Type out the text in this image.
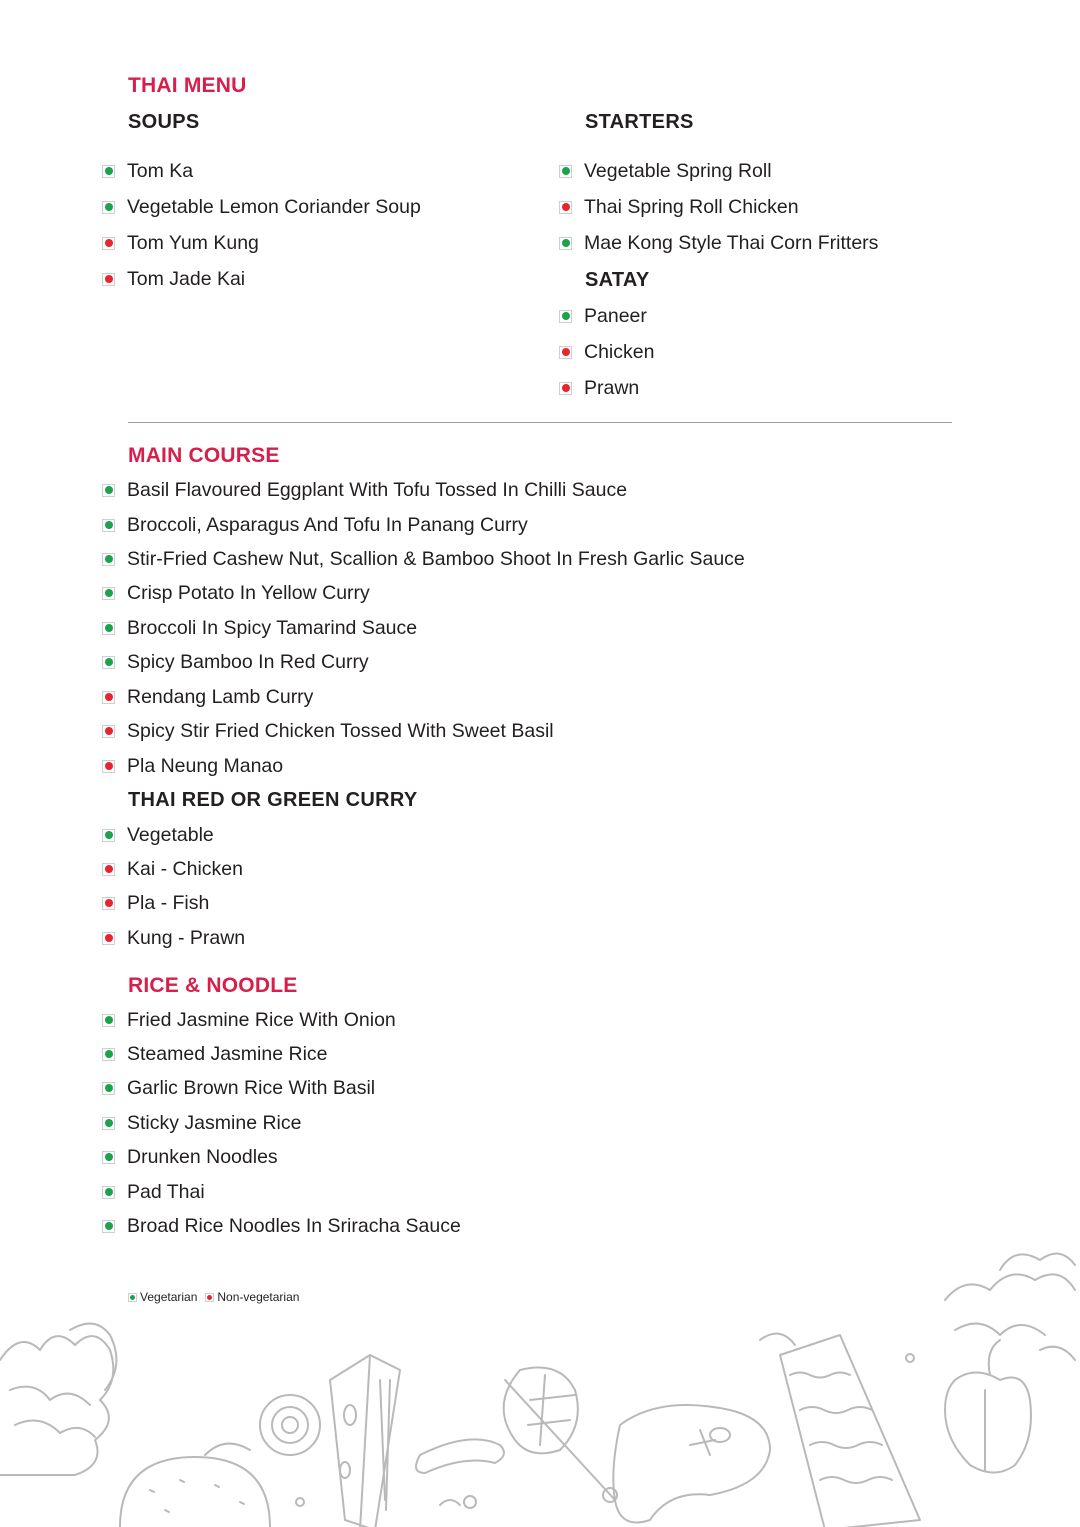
THAI MENU
SOUPS
Tom Ka
Vegetable Lemon Coriander Soup
Tom Yum Kung
Tom Jade Kai
STARTERS
Vegetable Spring Roll
Thai Spring Roll Chicken
Mae Kong Style Thai Corn Fritters
SATAY
Paneer
Chicken
Prawn
MAIN COURSE
Basil Flavoured Eggplant With Tofu Tossed In Chilli Sauce
Broccoli, Asparagus And Tofu In Panang Curry
Stir-Fried Cashew Nut, Scallion & Bamboo Shoot In Fresh Garlic Sauce
Crisp Potato In Yellow Curry
Broccoli In Spicy Tamarind Sauce
Spicy Bamboo In Red Curry
Rendang Lamb Curry
Spicy Stir Fried Chicken Tossed With Sweet Basil
Pla Neung Manao
THAI RED OR GREEN CURRY
Vegetable
Kai - Chicken
Pla - Fish
Kung - Prawn
RICE & NOODLE
Fried Jasmine Rice With Onion
Steamed Jasmine Rice
Garlic Brown Rice With Basil
Sticky Jasmine Rice
Drunken Noodles
Pad Thai
Broad Rice Noodles In Sriracha Sauce
Vegetarian Non-vegetarian
